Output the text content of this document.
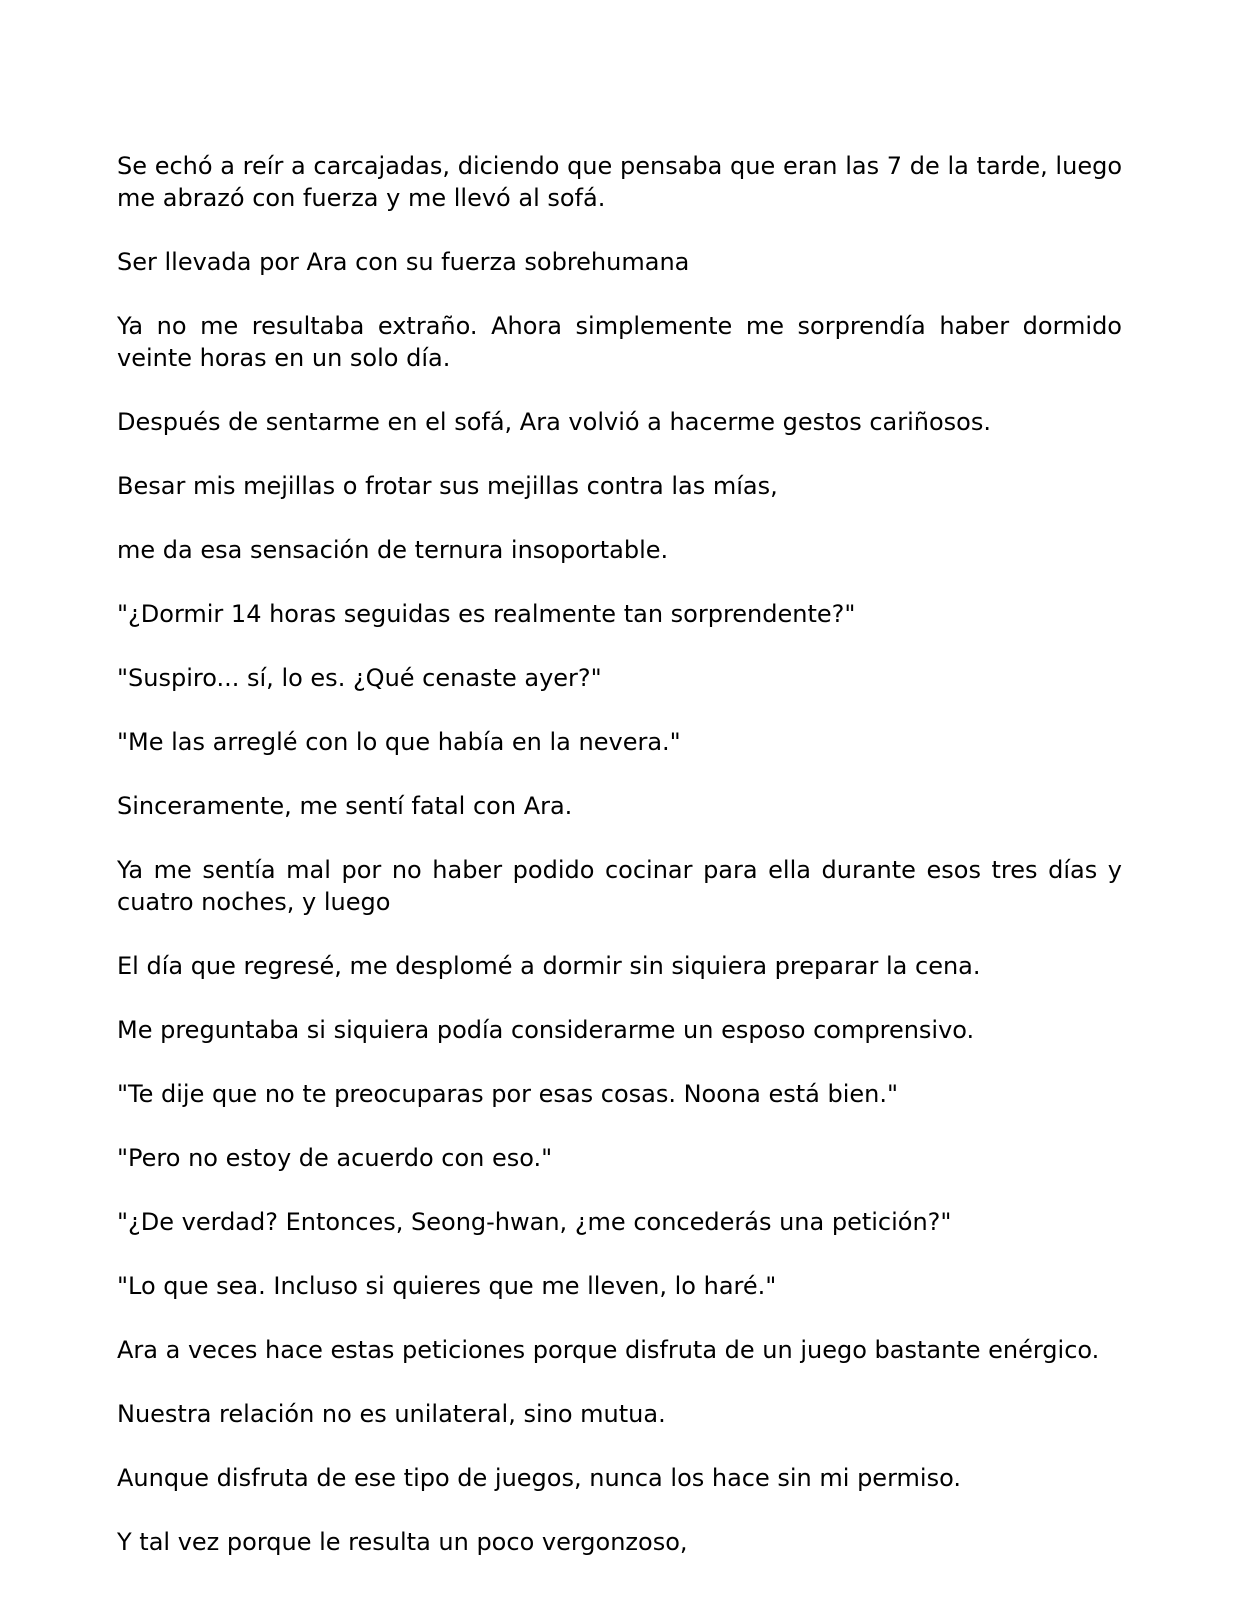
Se echó a reír a carcajadas, diciendo que pensaba que eran las 7 de la tarde, luego me abrazó con fuerza y me llevó al sofá.

Ser llevada por Ara con su fuerza sobrehumana

Ya no me resultaba extraño. Ahora simplemente me sorprendía haber dormido veinte horas en un solo día.

Después de sentarme en el sofá, Ara volvió a hacerme gestos cariñosos.

Besar mis mejillas o frotar sus mejillas contra las mías,

me da esa sensación de ternura insoportable.

"¿Dormir 14 horas seguidas es realmente tan sorprendente?"

"Suspiro... sí, lo es. ¿Qué cenaste ayer?"

"Me las arreglé con lo que había en la nevera."

Sinceramente, me sentí fatal con Ara.

Ya me sentía mal por no haber podido cocinar para ella durante esos tres días y cuatro noches, y luego

El día que regresé, me desplomé a dormir sin siquiera preparar la cena.

Me preguntaba si siquiera podía considerarme un esposo comprensivo.

"Te dije que no te preocuparas por esas cosas. Noona está bien."

"Pero no estoy de acuerdo con eso."

"¿De verdad? Entonces, Seong-hwan, ¿me concederás una petición?"

"Lo que sea. Incluso si quieres que me lleven, lo haré."

Ara a veces hace estas peticiones porque disfruta de un juego bastante enérgico.

Nuestra relación no es unilateral, sino mutua.

Aunque disfruta de ese tipo de juegos, nunca los hace sin mi permiso.

Y tal vez porque le resulta un poco vergonzoso,
